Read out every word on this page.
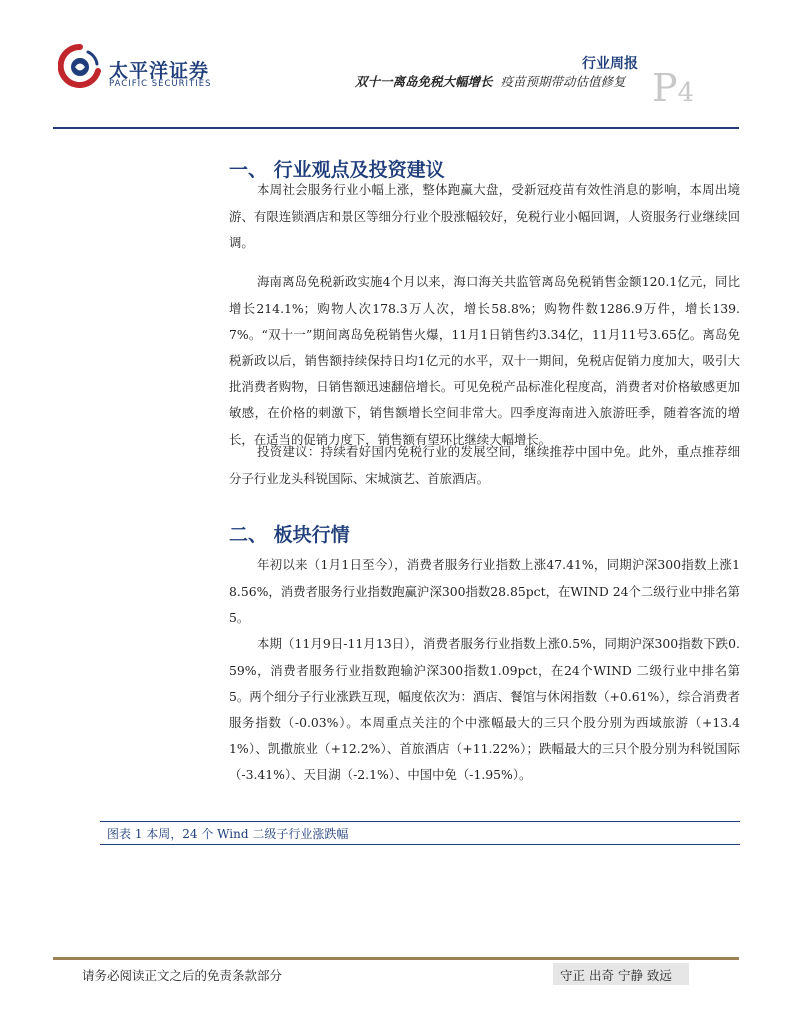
太平洋证券
PACIFIC SECURITIES
行业周报
双十一离岛免税大幅增长 疫苗预期带动估值修复 P4
一、 行业观点及投资建议

本周社会服务行业小幅上涨，整体跑赢大盘，受新冠疫苗有效性消息的影响，本周出境游、有限连锁酒店和景区等细分行业个股涨幅较好，免税行业小幅回调，人资服务行业继续回调。

海南离岛免税新政实施4个月以来，海口海关共监管离岛免税销售金额120.1亿元，同比增长214.1%；购物人次178.3万人次，增长58.8%；购物件数1286.9万件，增长139.7%。“双十一”期间离岛免税销售火爆，11月1日销售约3.34亿，11月11号3.65亿。离岛免税新政以后，销售额持续保持日均1亿元的水平，双十一期间，免税店促销力度加大，吸引大批消费者购物，日销售额迅速翻倍增长。可见免税产品标准化程度高，消费者对价格敏感更加敏感，在价格的刺激下，销售额增长空间非常大。四季度海南进入旅游旺季，随着客流的增长，在适当的促销力度下，销售额有望环比继续大幅增长。

投资建议：持续看好国内免税行业的发展空间，继续推荐中国中免。此外，重点推荐细分子行业龙头科锐国际、宋城演艺、首旅酒店。

二、 板块行情

年初以来（1月1日至今），消费者服务行业指数上涨47.41%，同期沪深300指数上涨18.56%，消费者服务行业指数跑赢沪深300指数28.85pct，在WIND 24个二级行业中排名第5。

本期（11月9日-11月13日），消费者服务行业指数上涨0.5%，同期沪深300指数下跌0.59%，消费者服务行业指数跑输沪深300指数1.09pct，在24个WIND 二级行业中排名第5。两个细分子行业涨跌互现，幅度依次为：酒店、餐馆与休闲指数（+0.61%），综合消费者服务指数（-0.03%）。本周重点关注的个中涨幅最大的三只个股分别为西域旅游（+13.41%）、凯撒旅业（+12.2%）、首旅酒店（+11.22%）；跌幅最大的三只个股分别为科锐国际（-3.41%）、天目湖（-2.1%）、中国中免（-1.95%）。

图表 1 本周，24 个 Wind 二级子行业涨跌幅
请务必阅读正文之后的免责条款部分	守正 出奇 宁静 致远
